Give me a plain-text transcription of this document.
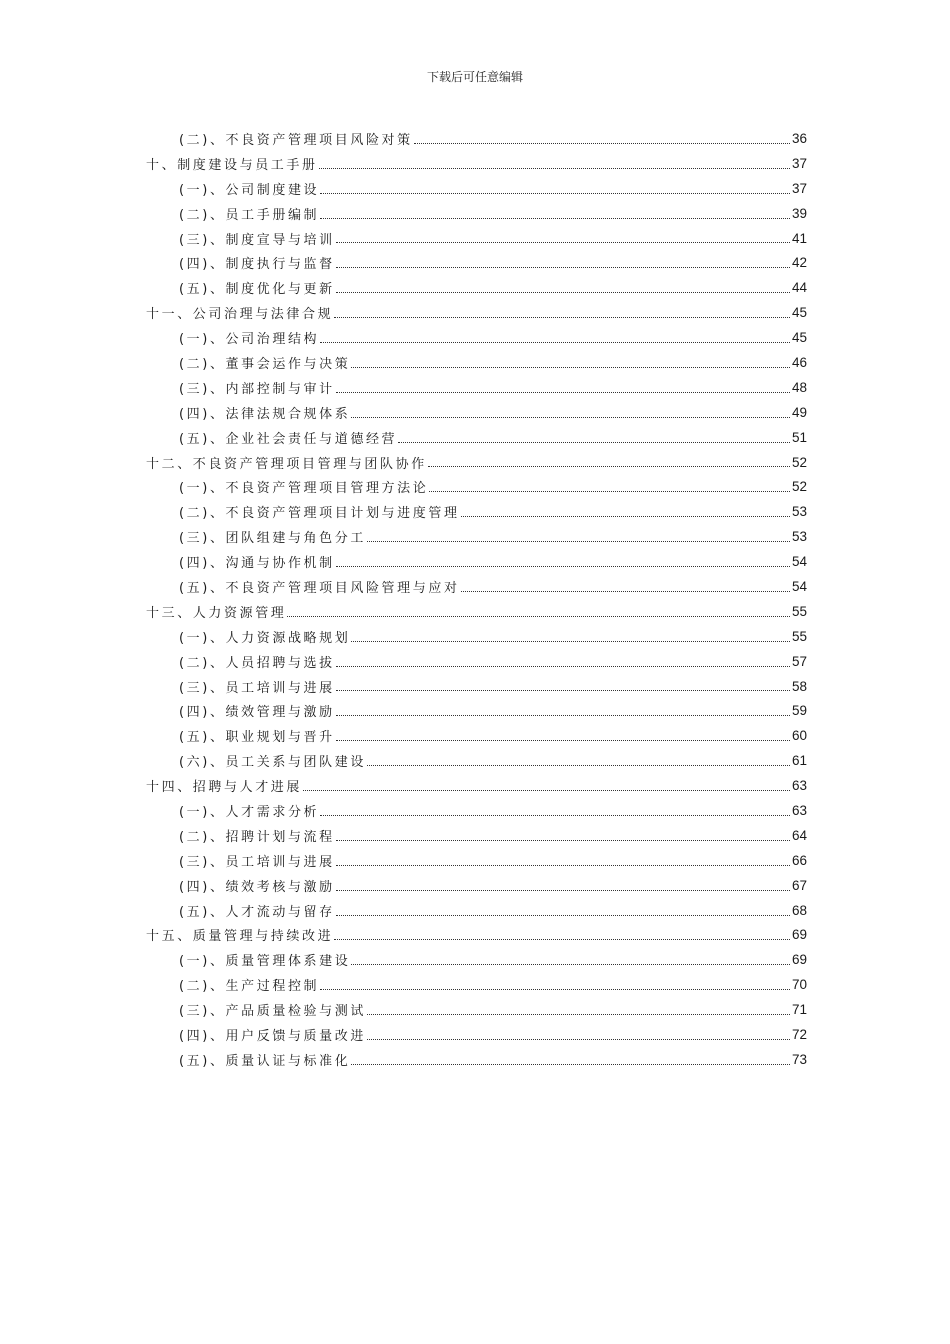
下载后可任意编辑
(二)、不良资产管理项目风险对策	36
十、制度建设与员工手册	37
(一)、公司制度建设	37
(二)、员工手册编制	39
(三)、制度宣导与培训	41
(四)、制度执行与监督	42
(五)、制度优化与更新	44
十一、公司治理与法律合规	45
(一)、公司治理结构	45
(二)、董事会运作与决策	46
(三)、内部控制与审计	48
(四)、法律法规合规体系	49
(五)、企业社会责任与道德经营	51
十二、不良资产管理项目管理与团队协作	52
(一)、不良资产管理项目管理方法论	52
(二)、不良资产管理项目计划与进度管理	53
(三)、团队组建与角色分工	53
(四)、沟通与协作机制	54
(五)、不良资产管理项目风险管理与应对	54
十三、人力资源管理	55
(一)、人力资源战略规划	55
(二)、人员招聘与选拔	57
(三)、员工培训与进展	58
(四)、绩效管理与激励	59
(五)、职业规划与晋升	60
(六)、员工关系与团队建设	61
十四、招聘与人才进展	63
(一)、人才需求分析	63
(二)、招聘计划与流程	64
(三)、员工培训与进展	66
(四)、绩效考核与激励	67
(五)、人才流动与留存	68
十五、质量管理与持续改进	69
(一)、质量管理体系建设	69
(二)、生产过程控制	70
(三)、产品质量检验与测试	71
(四)、用户反馈与质量改进	72
(五)、质量认证与标准化	73
